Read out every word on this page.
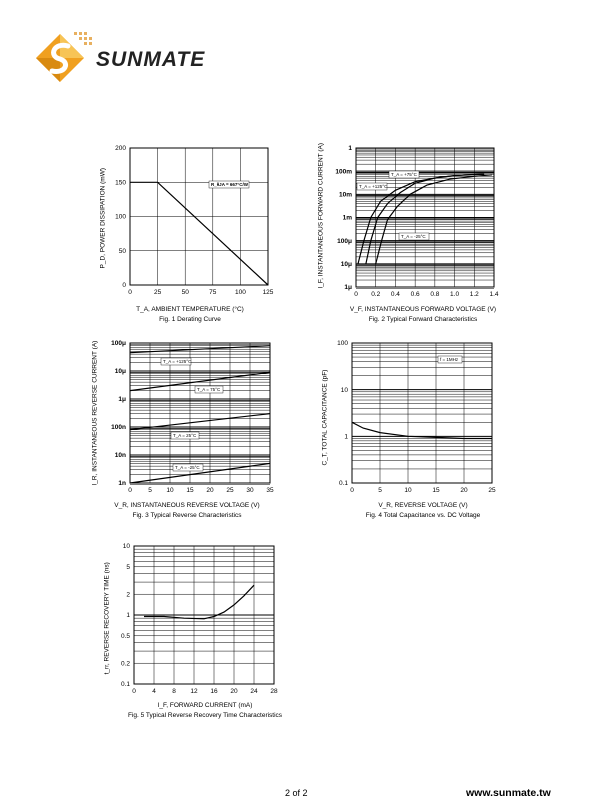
SUNMATE
0	25	50	75	100	125
0
50
100
150
200
R_θJA = 667°C/W
P_D, POWER DISSIPATION (mW)
T_A, AMBIENT TEMPERATURE (°C)
Fig. 1 Derating Curve
0 0.2 0.4 0.6 0.8 1.0 1.2 1.4
1μ
10μ
100μ
1m
10m
100m
1
T_A = +75°C
T_A = +125°C
T_A = -25°C
I_F, INSTANTANEOUS FORWARD CURRENT (A)
V_F, INSTANTANEOUS FORWARD VOLTAGE (V)
Fig. 2 Typical Forward Characteristics
0	5 10 15 20 25 30 35
1n
10n
100n
1μ
10μ
100μ
T_A = +125°C
T_A = 75°C
T_A = 25°C
T_A = -25°C
I_R, INSTANTANEOUS REVERSE CURRENT (A)
V_R, INSTANTANEOUS REVERSE VOLTAGE (V)
Fig. 3 Typical Reverse Characteristics
0	5	10	15	20	25
0.1
1
10
100
f = 1MHz
C_T, TOTAL CAPACITANCE (pF)
V_R, REVERSE VOLTAGE (V)
Fig. 4 Total Capacitance vs. DC Voltage
0	4	8 12 16 20 24 28
0.1
0.2
0.5
1
2
5
10
t_rr, REVERSE RECOVERY TIME (ns)
I_F, FORWARD CURRENT (mA)
Fig. 5 Typical Reverse Recovery Time Characteristics
2 of 2	www.sunmate.tw
